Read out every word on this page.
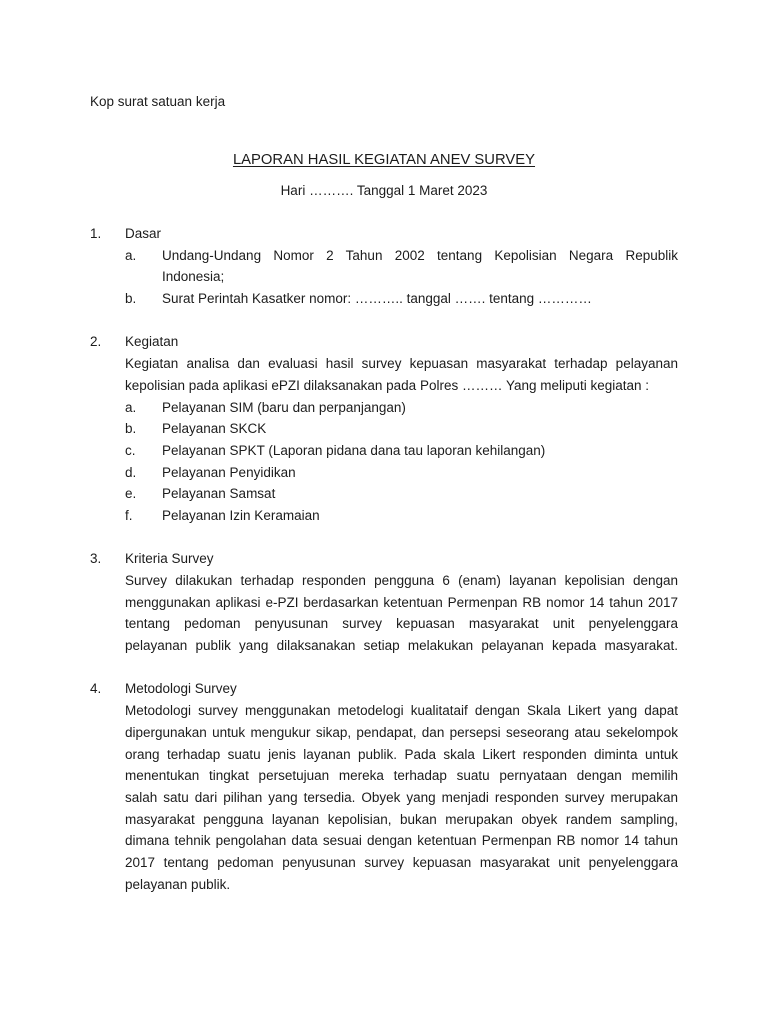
Kop surat satuan kerja
LAPORAN HASIL KEGIATAN ANEV SURVEY
Hari ………. Tanggal 1 Maret 2023
1. Dasar
a. Undang-Undang Nomor 2 Tahun 2002 tentang Kepolisian Negara Republik
Indonesia;
b. Surat Perintah Kasatker nomor: ……….. tanggal ……. tentang …………
2. Kegiatan
Kegiatan analisa dan evaluasi hasil survey kepuasan masyarakat terhadap pelayanan
kepolisian pada aplikasi ePZI dilaksanakan pada Polres ……… Yang meliputi kegiatan :
a. Pelayanan SIM (baru dan perpanjangan)
b. Pelayanan SKCK
c. Pelayanan SPKT (Laporan pidana dana tau laporan kehilangan)
d. Pelayanan Penyidikan
e. Pelayanan Samsat
f. Pelayanan Izin Keramaian
3. Kriteria Survey
Survey dilakukan terhadap responden pengguna 6 (enam) layanan kepolisian dengan
menggunakan aplikasi e-PZI berdasarkan ketentuan Permenpan RB nomor 14 tahun 2017
tentang pedoman penyusunan survey kepuasan masyarakat unit penyelenggara
pelayanan publik yang dilaksanakan setiap melakukan pelayanan kepada masyarakat.
4. Metodologi Survey
Metodologi survey menggunakan metodelogi kualitataif dengan Skala Likert yang dapat
dipergunakan untuk mengukur sikap, pendapat, dan persepsi seseorang atau sekelompok
orang terhadap suatu jenis layanan publik. Pada skala Likert responden diminta untuk
menentukan tingkat persetujuan mereka terhadap suatu pernyataan dengan memilih
salah satu dari pilihan yang tersedia. Obyek yang menjadi responden survey merupakan
masyarakat pengguna layanan kepolisian, bukan merupakan obyek randem sampling,
dimana tehnik pengolahan data sesuai dengan ketentuan Permenpan RB nomor 14 tahun
2017 tentang pedoman penyusunan survey kepuasan masyarakat unit penyelenggara
pelayanan publik.
